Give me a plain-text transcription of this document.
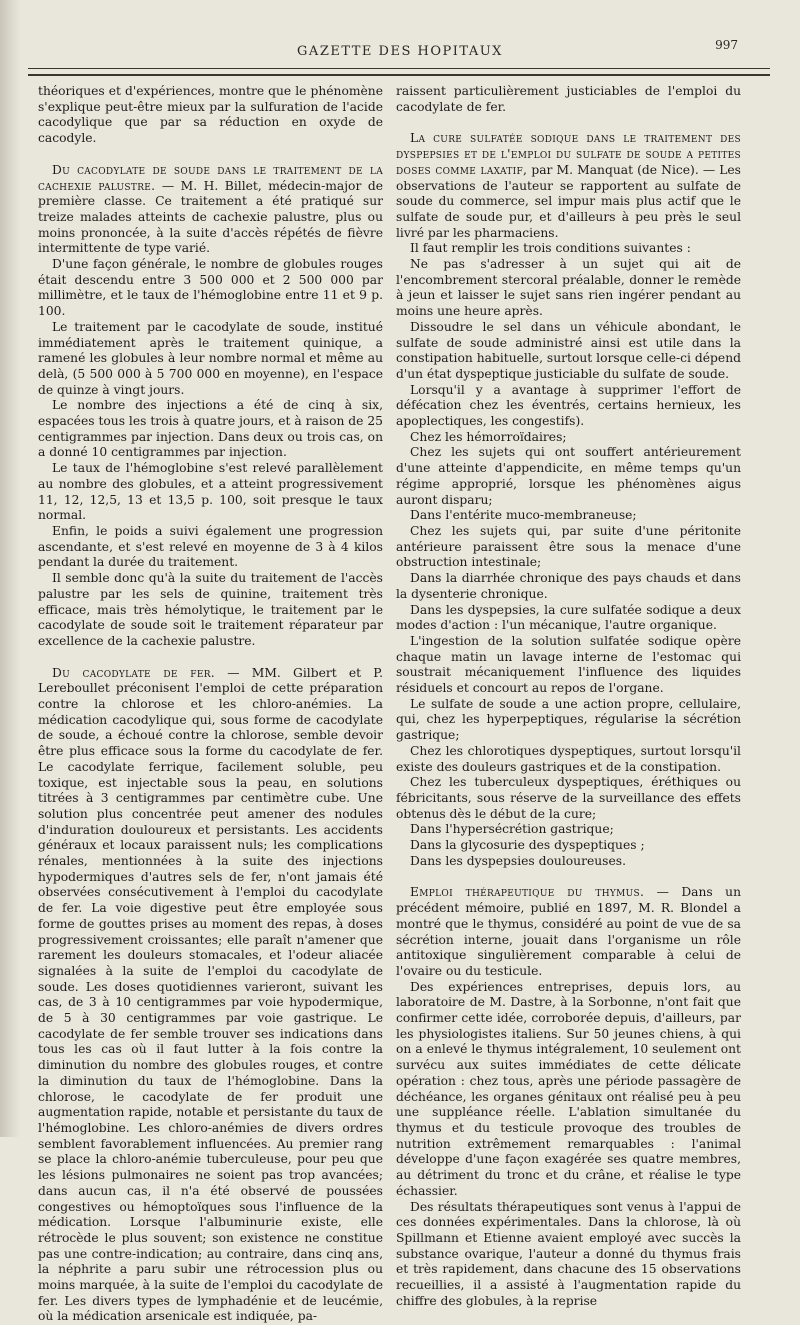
GAZETTE DES HOPITAUX	997

théoriques et d'expériences, montre que le phénomène s'explique peut-être mieux par la sulfuration de l'acide cacodylique que par sa réduction en oxyde de cacodyle.

Du cacodylate de soude dans le traitement de la cachexie palustre. — M. H. Billet, médecin-major de première classe. Ce traitement a été pratiqué sur treize malades atteints de cachexie palustre, plus ou moins prononcée, à la suite d'accès répétés de fièvre intermittente de type varié.

D'une façon générale, le nombre de globules rouges était descendu entre 3 500 000 et 2 500 000 par millimètre, et le taux de l'hémoglobine entre 11 et 9 p. 100.

Le traitement par le cacodylate de soude, institué immédiatement après le traitement quinique, a ramené les globules à leur nombre normal et même au delà, (5 500 000 à 5 700 000 en moyenne), en l'espace de quinze à vingt jours.

Le nombre des injections a été de cinq à six, espacées tous les trois à quatre jours, et à raison de 25 centigrammes par injection. Dans deux ou trois cas, on a donné 10 centigrammes par injection.

Le taux de l'hémoglobine s'est relevé parallèlement au nombre des globules, et a atteint progressivement 11, 12, 12,5, 13 et 13,5 p. 100, soit presque le taux normal.

Enfin, le poids a suivi également une progression ascendante, et s'est relevé en moyenne de 3 à 4 kilos pendant la durée du traitement.

Il semble donc qu'à la suite du traitement de l'accès palustre par les sels de quinine, traitement très efficace, mais très hémolytique, le traitement par le cacodylate de soude soit le traitement réparateur par excellence de la cachexie palustre.

Du cacodylate de fer. — MM. Gilbert et P. Lereboullet préconisent l'emploi de cette préparation contre la chlorose et les chloro-anémies. La médication cacodylique qui, sous forme de cacodylate de soude, a échoué contre la chlorose, semble devoir être plus efficace sous la forme du cacodylate de fer. Le cacodylate ferrique, facilement soluble, peu toxique, est injectable sous la peau, en solutions titrées à 3 centigrammes par centimètre cube. Une solution plus concentrée peut amener des nodules d'induration douloureux et persistants. Les accidents généraux et locaux paraissent nuls; les complications rénales, mentionnées à la suite des injections hypodermiques d'autres sels de fer, n'ont jamais été observées consécutivement à l'emploi du cacodylate de fer. La voie digestive peut être employée sous forme de gouttes prises au moment des repas, à doses progressivement croissantes; elle paraît n'amener que rarement les douleurs stomacales, et l'odeur aliacée signalées à la suite de l'emploi du cacodylate de soude. Les doses quotidiennes varieront, suivant les cas, de 3 à 10 centigrammes par voie hypodermique, de 5 à 30 centigrammes par voie gastrique. Le cacodylate de fer semble trouver ses indications dans tous les cas où il faut lutter à la fois contre la diminution du nombre des globules rouges, et contre la diminution du taux de l'hémoglobine. Dans la chlorose, le cacodylate de fer produit une augmentation rapide, notable et persistante du taux de l'hémoglobine. Les chloro-anémies de divers ordres semblent favorablement influencées. Au premier rang se place la chloro-anémie tuberculeuse, pour peu que les lésions pulmonaires ne soient pas trop avancées; dans aucun cas, il n'a été observé de poussées congestives ou hémoptoïques sous l'influence de la médication. Lorsque l'albuminurie existe, elle rétrocède le plus souvent; son existence ne constitue pas une contre-indication; au contraire, dans cinq ans, la néphrite a paru subir une rétrocession plus ou moins marquée, à la suite de l'emploi du cacodylate de fer. Les divers types de lymphadénie et de leucémie, où la médication arsenicale est indiquée, pa-

raissent particulièrement justiciables de l'emploi du cacodylate de fer.

La cure sulfatée sodique dans le traitement des dyspepsies et de l'emploi du sulfate de soude a petites doses comme laxatif, par M. Manquat (de Nice). — Les observations de l'auteur se rapportent au sulfate de soude du commerce, sel impur mais plus actif que le sulfate de soude pur, et d'ailleurs à peu près le seul livré par les pharmaciens.

Il faut remplir les trois conditions suivantes :

Ne pas s'adresser à un sujet qui ait de l'encombrement stercoral préalable, donner le remède à jeun et laisser le sujet sans rien ingérer pendant au moins une heure après.

Dissoudre le sel dans un véhicule abondant, le sulfate de soude administré ainsi est utile dans la constipation habituelle, surtout lorsque celle-ci dépend d'un état dyspeptique justiciable du sulfate de soude.

Lorsqu'il y a avantage à supprimer l'effort de défécation chez les éventrés, certains hernieux, les apoplectiques, les congestifs).

Chez les hémorroïdaires;

Chez les sujets qui ont souffert antérieurement d'une atteinte d'appendicite, en même temps qu'un régime approprié, lorsque les phénomènes aigus auront disparu;

Dans l'entérite muco-membraneuse;

Chez les sujets qui, par suite d'une péritonite antérieure paraissent être sous la menace d'une obstruction intestinale;

Dans la diarrhée chronique des pays chauds et dans la dysenterie chronique.

Dans les dyspepsies, la cure sulfatée sodique a deux modes d'action : l'un mécanique, l'autre organique.

L'ingestion de la solution sulfatée sodique opère chaque matin un lavage interne de l'estomac qui soustrait mécaniquement l'influence des liquides résiduels et concourt au repos de l'organe.

Le sulfate de soude a une action propre, cellulaire, qui, chez les hyperpeptiques, régularise la sécrétion gastrique;

Chez les chlorotiques dyspeptiques, surtout lorsqu'il existe des douleurs gastriques et de la constipation.

Chez les tuberculeux dyspeptiques, éréthiques ou fébricitants, sous réserve de la surveillance des effets obtenus dès le début de la cure;

Dans l'hypersécrétion gastrique;

Dans la glycosurie des dyspeptiques ;

Dans les dyspepsies douloureuses.

Emploi thérapeutique du thymus. — Dans un précédent mémoire, publié en 1897, M. R. Blondel a montré que le thymus, considéré au point de vue de sa sécrétion interne, jouait dans l'organisme un rôle antitoxique singulièrement comparable à celui de l'ovaire ou du testicule.

Des expériences entreprises, depuis lors, au laboratoire de M. Dastre, à la Sorbonne, n'ont fait que confirmer cette idée, corroborée depuis, d'ailleurs, par les physiologistes italiens. Sur 50 jeunes chiens, à qui on a enlevé le thymus intégralement, 10 seulement ont survécu aux suites immédiates de cette délicate opération : chez tous, après une période passagère de déchéance, les organes génitaux ont réalisé peu à peu une suppléance réelle. L'ablation simultanée du thymus et du testicule provoque des troubles de nutrition extrêmement remarquables : l'animal développe d'une façon exagérée ses quatre membres, au détriment du tronc et du crâne, et réalise le type échassier.

Des résultats thérapeutiques sont venus à l'appui de ces données expérimentales. Dans la chlorose, là où Spillmann et Etienne avaient employé avec succès la substance ovarique, l'auteur a donné du thymus frais et très rapidement, dans chacune des 15 observations recueillies, il a assisté à l'augmentation rapide du chiffre des globules, à la reprise
